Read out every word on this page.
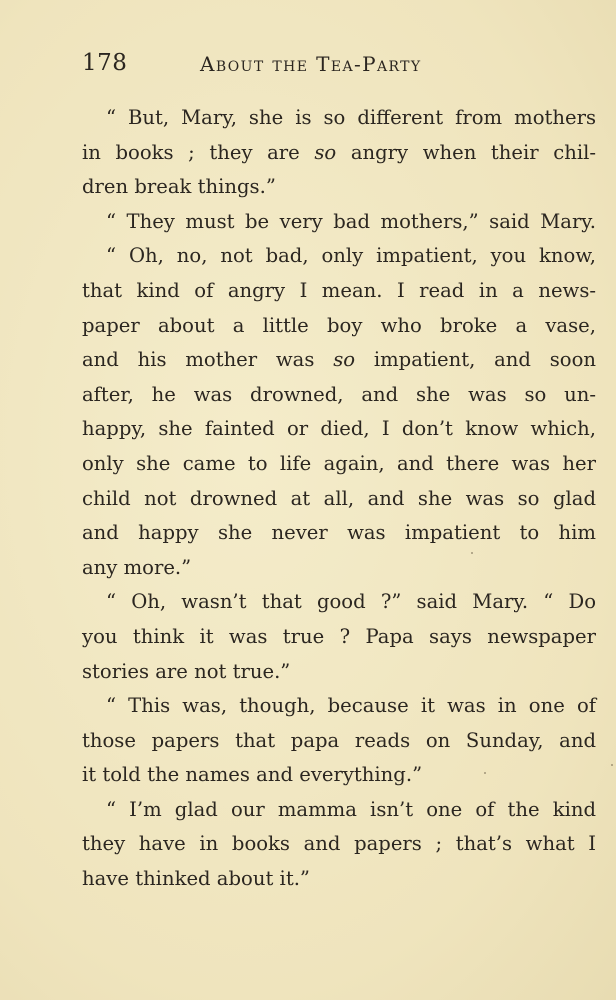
178	About the Tea-Party
“ But, Mary, she is so different from mothers
in books ; they are so angry when their chil-
dren break things.”
“ They must be very bad mothers,” said Mary.
“ Oh, no, not bad, only impatient, you know,
that kind of angry I mean. I read in a news-
paper about a little boy who broke a vase,
and his mother was so impatient, and soon
after, he was drowned, and she was so un-
happy, she fainted or died, I don’t know which,
only she came to life again, and there was her
child not drowned at all, and she was so glad
and happy she never was impatient to him
any more.”
“ Oh, wasn’t that good ?” said Mary. “ Do
you think it was true ? Papa says newspaper
stories are not true.”
“ This was, though, because it was in one of
those papers that papa reads on Sunday, and
it told the names and everything.”
“ I’m glad our mamma isn’t one of the kind
they have in books and papers ; that’s what I
have thinked about it.”
